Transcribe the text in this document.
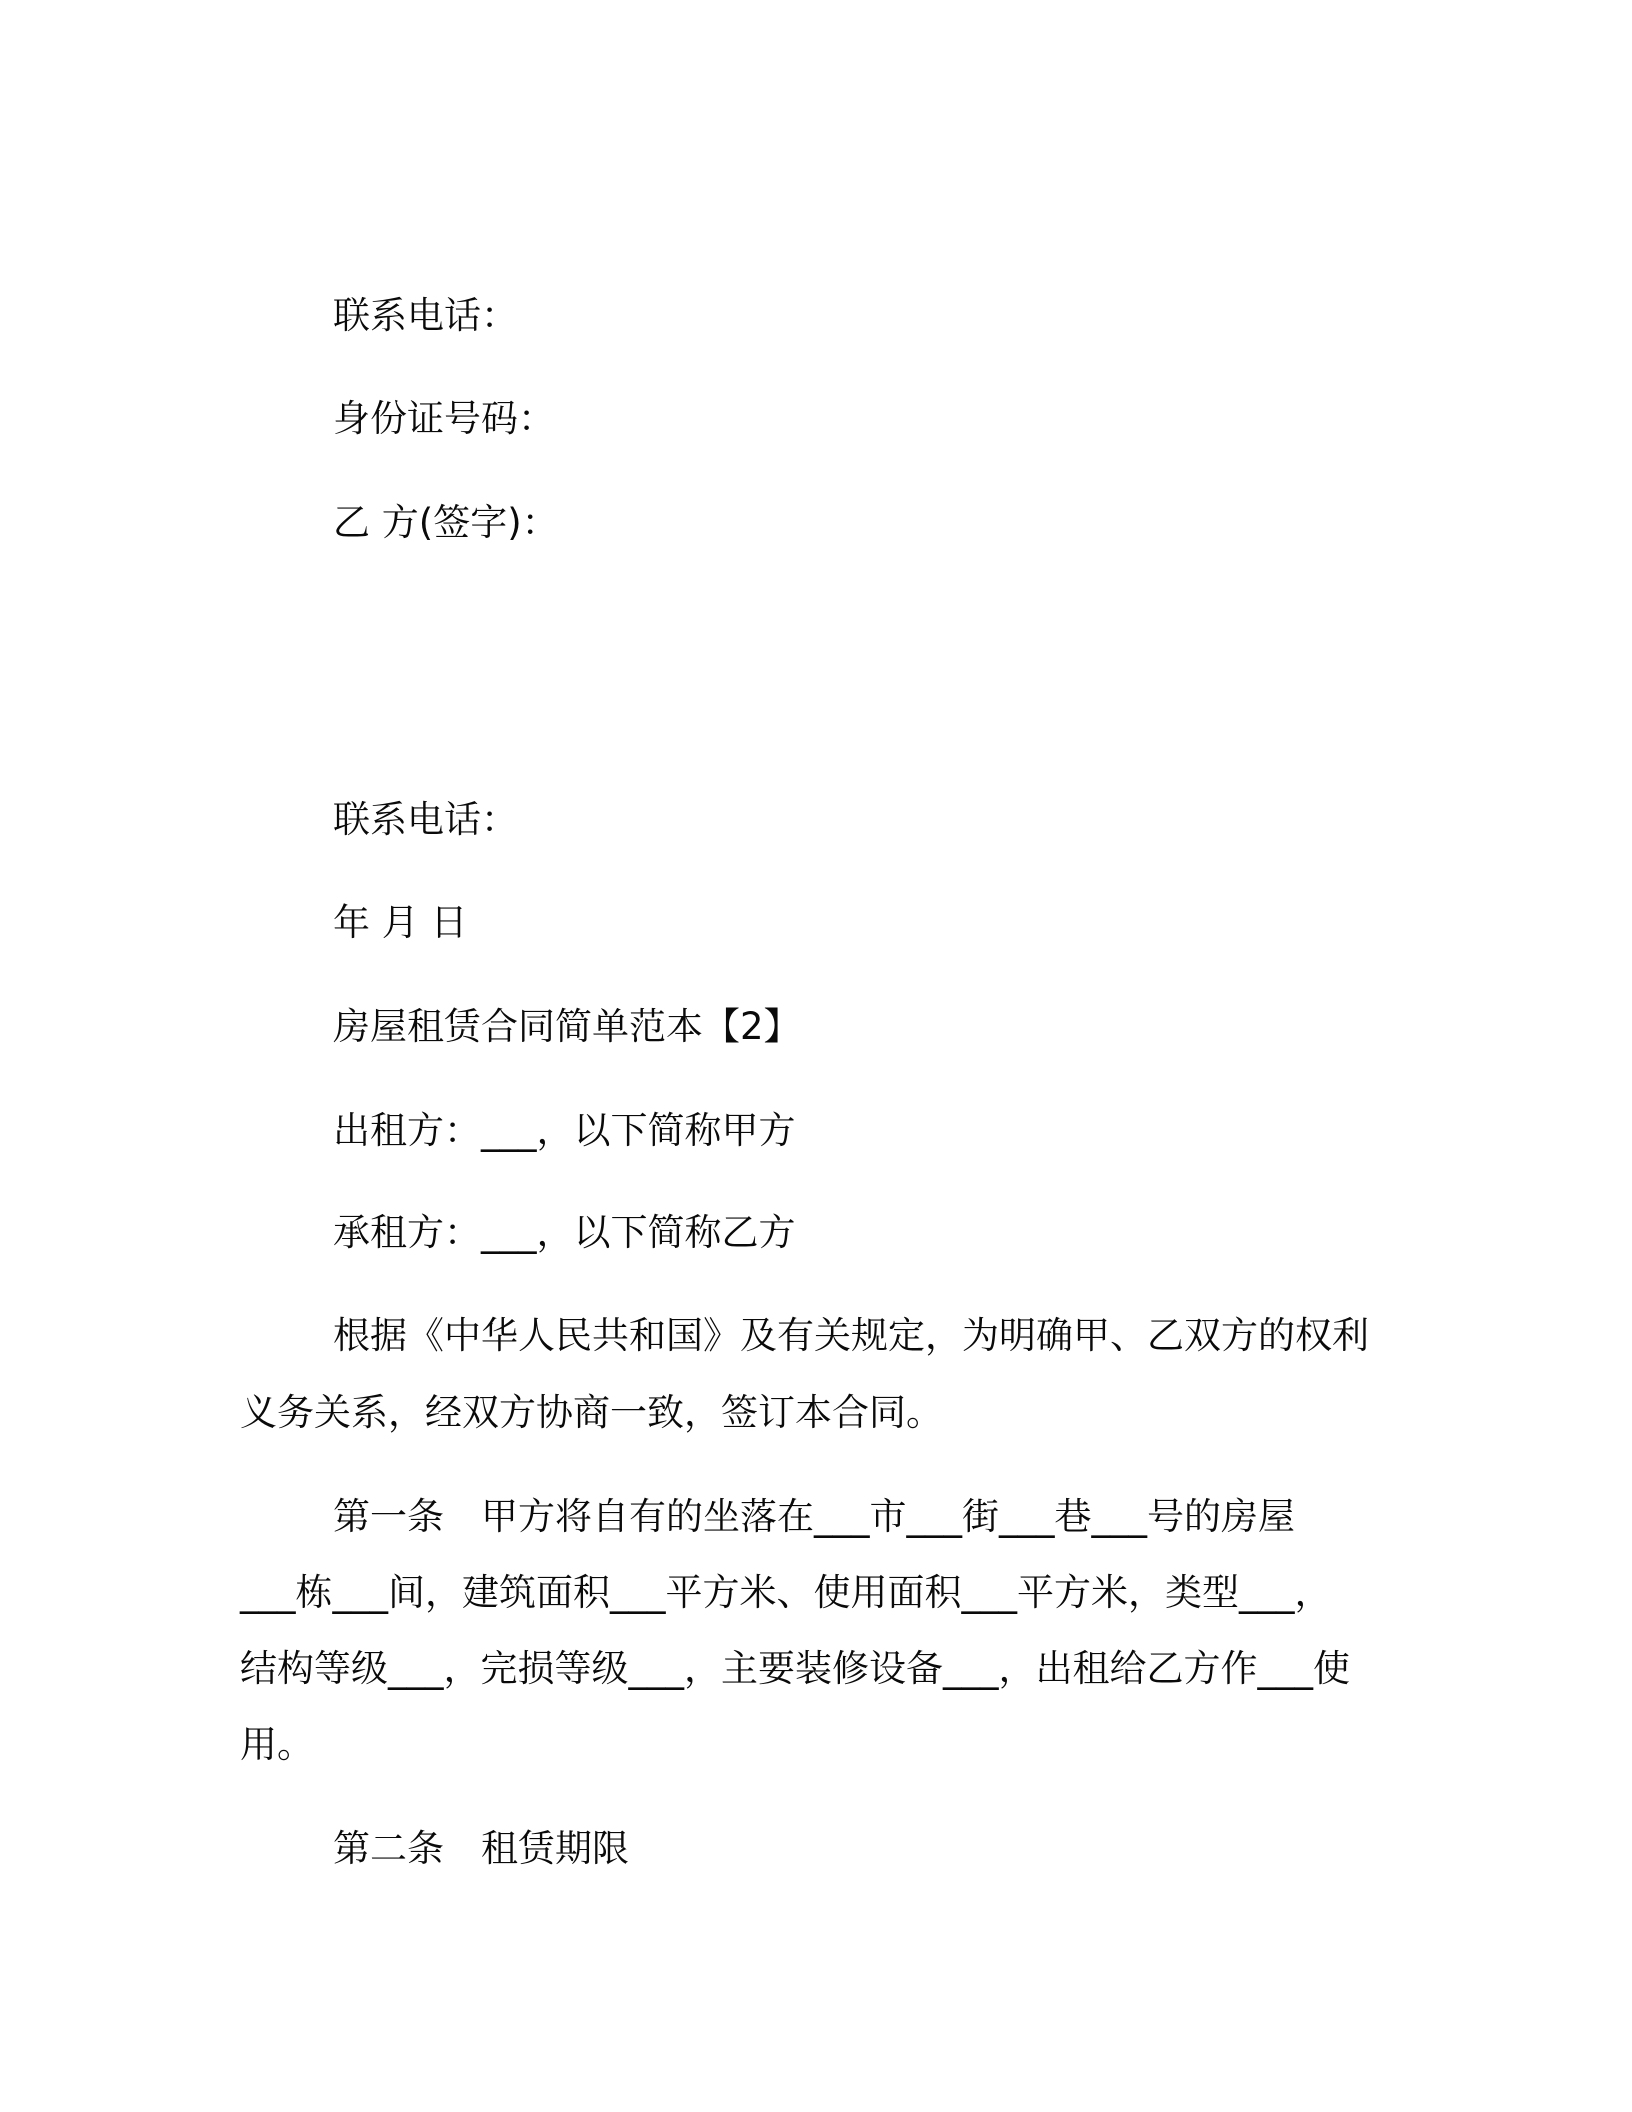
联系电话：

身份证号码：

乙 方(签字)：

联系电话：

年 月 日

房屋租赁合同简单范本【2】

出租方：___，以下简称甲方

承租方：___，以下简称乙方

根据《中华人民共和国》及有关规定，为明确甲、乙双方的权利

义务关系，经双方协商一致，签订本合同。

第一条　甲方将自有的坐落在___市___街___巷___号的房屋

___栋___间，建筑面积___平方米、使用面积___平方米，类型___，

结构等级___，完损等级___，主要装修设备___，出租给乙方作___使

用。

第二条　租赁期限
